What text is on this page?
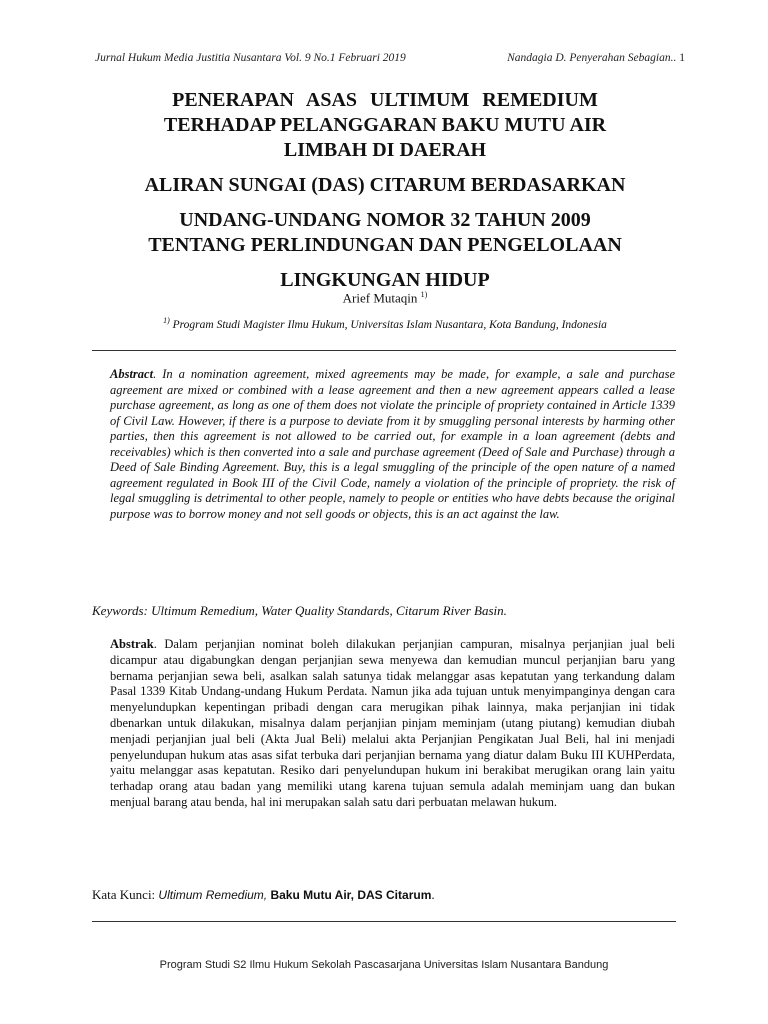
Jurnal Hukum Media Justitia Nusantara Vol. 9 No.1 Februari 2019	Nandagia D. Penyerahan Sebagian.. 1

PENERAPAN ASAS ULTIMUM REMEDIUM

TERHADAP PELANGGARAN BAKU MUTU AIR

LIMBAH DI DAERAH

ALIRAN SUNGAI (DAS) CITARUM BERDASARKAN

UNDANG-UNDANG NOMOR 32 TAHUN 2009

TENTANG PERLINDUNGAN DAN PENGELOLAAN

LINGKUNGAN HIDUP

Arief Mutaqin $^{1)}$
$^{1)}$ Program Studi Magister Ilmu Hukum, Universitas Islam Nusantara, Kota Bandung, Indonesia
Abstract. In a nomination agreement, mixed agreements may be made, for example, a sale and purchase agreement are mixed or combined with a lease agreement and then a new agreement appears called a lease purchase agreement, as long as one of them does not violate the principle of propriety contained in Article 1339 of Civil Law. However, if there is a purpose to deviate from it by smuggling personal interests by harming other parties, then this agreement is not allowed to be carried out, for example in a loan agreement (debts and receivables) which is then converted into a sale and purchase agreement (Deed of Sale and Purchase) through a Deed of Sale Binding Agreement. Buy, this is a legal smuggling of the principle of the open nature of a named agreement regulated in Book III of the Civil Code, namely a violation of the principle of propriety. the risk of legal smuggling is detrimental to other people, namely to people or entities who have debts because the original purpose was to borrow money and not sell goods or objects, this is an act against the law.
Keywords: Ultimum Remedium, Water Quality Standards, Citarum River Basin.
Abstrak. Dalam perjanjian nominat boleh dilakukan perjanjian campuran, misalnya perjanjian jual beli dicampur atau digabungkan dengan perjanjian sewa menyewa dan kemudian muncul perjanjian baru yang bernama perjanjian sewa beli, asalkan salah satunya tidak melanggar asas kepatutan yang terkandung dalam Pasal 1339 Kitab Undang-undang Hukum Perdata. Namun jika ada tujuan untuk menyimpanginya dengan cara menyelundupkan kepentingan pribadi dengan cara merugikan pihak lainnya, maka perjanjian ini tidak dbenarkan untuk dilakukan, misalnya dalam perjanjian pinjam meminjam (utang piutang) kemudian diubah menjadi perjanjian jual beli (Akta Jual Beli) melalui akta Perjanjian Pengikatan Jual Beli, hal ini menjadi penyelundupan hukum atas asas sifat terbuka dari perjanjian bernama yang diatur dalam Buku III KUHPerdata, yaitu melanggar asas kepatutan. Resiko dari penyelundupan hukum ini berakibat merugikan orang lain yaitu terhadap orang atau badan yang memiliki utang karena tujuan semula adalah meminjam uang dan bukan menjual barang atau benda, hal ini merupakan salah satu dari perbuatan melawan hukum.
Kata Kunci: Ultimum Remedium, Baku Mutu Air, DAS Citarum.
Program Studi S2 Ilmu Hukum Sekolah Pascasarjana Universitas Islam Nusantara Bandung
